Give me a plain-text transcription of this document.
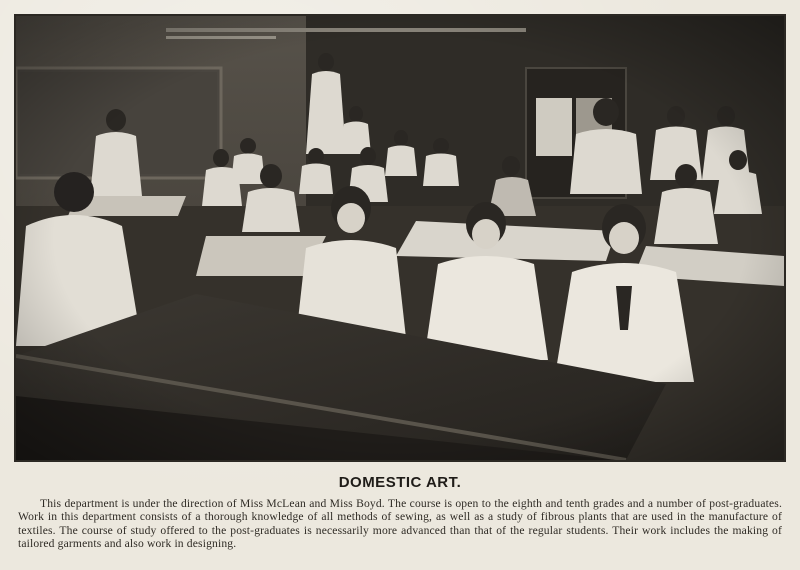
DOMESTIC ART.

This department is under the direction of Miss McLean and Miss Boyd. The course is open to the eighth and tenth grades and a number of post-graduates. Work in this department consists of a thorough knowledge of all methods of sewing, as well as a study of fibrous plants that are used in the manufacture of textiles. The course of study offered to the post-graduates is necessarily more advanced than that of the regular students. Their work includes the making of tailored garments and also work in designing.
